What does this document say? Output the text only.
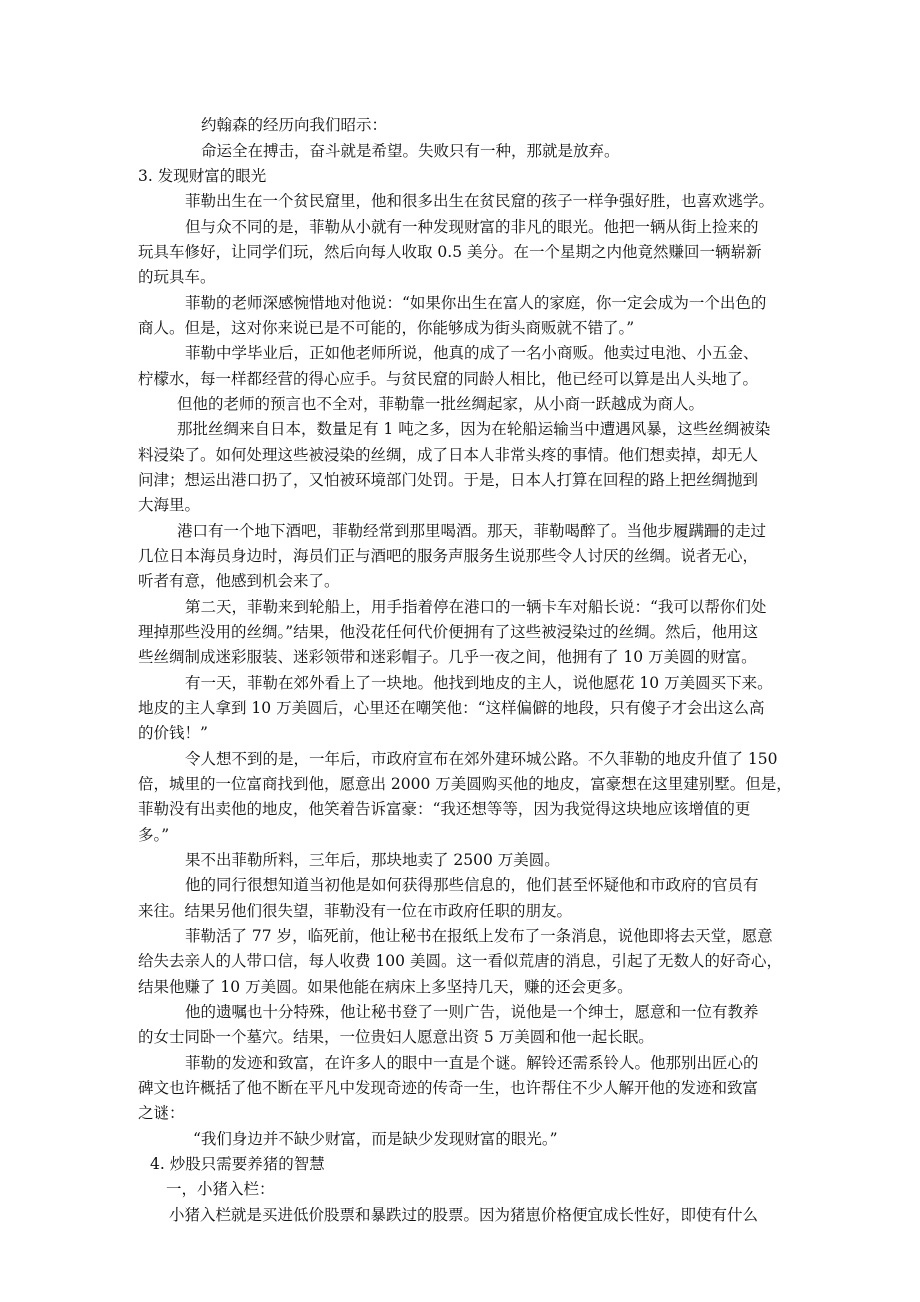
约翰森的经历向我们昭示：
命运全在搏击，奋斗就是希望。失败只有一种，那就是放弃。
3. 发现财富的眼光
菲勒出生在一个贫民窟里，他和很多出生在贫民窟的孩子一样争强好胜，也喜欢逃学。
但与众不同的是，菲勒从小就有一种发现财富的非凡的眼光。他把一辆从街上捡来的
玩具车修好，让同学们玩，然后向每人收取 0.5 美分。在一个星期之内他竟然赚回一辆崭新
的玩具车。
菲勒的老师深感惋惜地对他说：“如果你出生在富人的家庭，你一定会成为一个出色的
商人。但是，这对你来说已是不可能的，你能够成为街头商贩就不错了。”
菲勒中学毕业后，正如他老师所说，他真的成了一名小商贩。他卖过电池、小五金、
柠檬水，每一样都经营的得心应手。与贫民窟的同龄人相比，他已经可以算是出人头地了。
但他的老师的预言也不全对，菲勒靠一批丝绸起家，从小商一跃越成为商人。
那批丝绸来自日本，数量足有 1 吨之多，因为在轮船运输当中遭遇风暴，这些丝绸被染
料浸染了。如何处理这些被浸染的丝绸，成了日本人非常头疼的事情。他们想卖掉，却无人
问津；想运出港口扔了，又怕被环境部门处罚。于是，日本人打算在回程的路上把丝绸抛到
大海里。
港口有一个地下酒吧，菲勒经常到那里喝酒。那天，菲勒喝醉了。当他步履蹒跚的走过
几位日本海员身边时，海员们正与酒吧的服务声服务生说那些令人讨厌的丝绸。说者无心，
听者有意，他感到机会来了。
第二天，菲勒来到轮船上，用手指着停在港口的一辆卡车对船长说：“我可以帮你们处
理掉那些没用的丝绸。”结果，他没花任何代价便拥有了这些被浸染过的丝绸。然后，他用这
些丝绸制成迷彩服装、迷彩领带和迷彩帽子。几乎一夜之间，他拥有了 10 万美圆的财富。
有一天，菲勒在郊外看上了一块地。他找到地皮的主人，说他愿花 10 万美圆买下来。
地皮的主人拿到 10 万美圆后，心里还在嘲笑他：“这样偏僻的地段，只有傻子才会出这么高
的价钱！”
令人想不到的是，一年后，市政府宣布在郊外建环城公路。不久菲勒的地皮升值了 150
倍，城里的一位富商找到他，愿意出 2000 万美圆购买他的地皮，富豪想在这里建别墅。但是，
菲勒没有出卖他的地皮，他笑着告诉富豪：“我还想等等，因为我觉得这块地应该增值的更
多。”
果不出菲勒所料，三年后，那块地卖了 2500 万美圆。
他的同行很想知道当初他是如何获得那些信息的，他们甚至怀疑他和市政府的官员有
来往。结果另他们很失望，菲勒没有一位在市政府任职的朋友。
菲勒活了 77 岁，临死前，他让秘书在报纸上发布了一条消息，说他即将去天堂，愿意
给失去亲人的人带口信，每人收费 100 美圆。这一看似荒唐的消息，引起了无数人的好奇心，
结果他赚了 10 万美圆。如果他能在病床上多坚持几天，赚的还会更多。
他的遗嘱也十分特殊，他让秘书登了一则广告，说他是一个绅士，愿意和一位有教养
的女士同卧一个墓穴。结果，一位贵妇人愿意出资 5 万美圆和他一起长眠。
菲勒的发迹和致富，在许多人的眼中一直是个谜。解铃还需系铃人。他那别出匠心的
碑文也许概括了他不断在平凡中发现奇迹的传奇一生，也许帮住不少人解开他的发迹和致富
之谜：
“我们身边并不缺少财富，而是缺少发现财富的眼光。”
4. 炒股只需要养猪的智慧
一，小猪入栏：
小猪入栏就是买进低价股票和暴跌过的股票。因为猪崽价格便宜成长性好，即使有什么
